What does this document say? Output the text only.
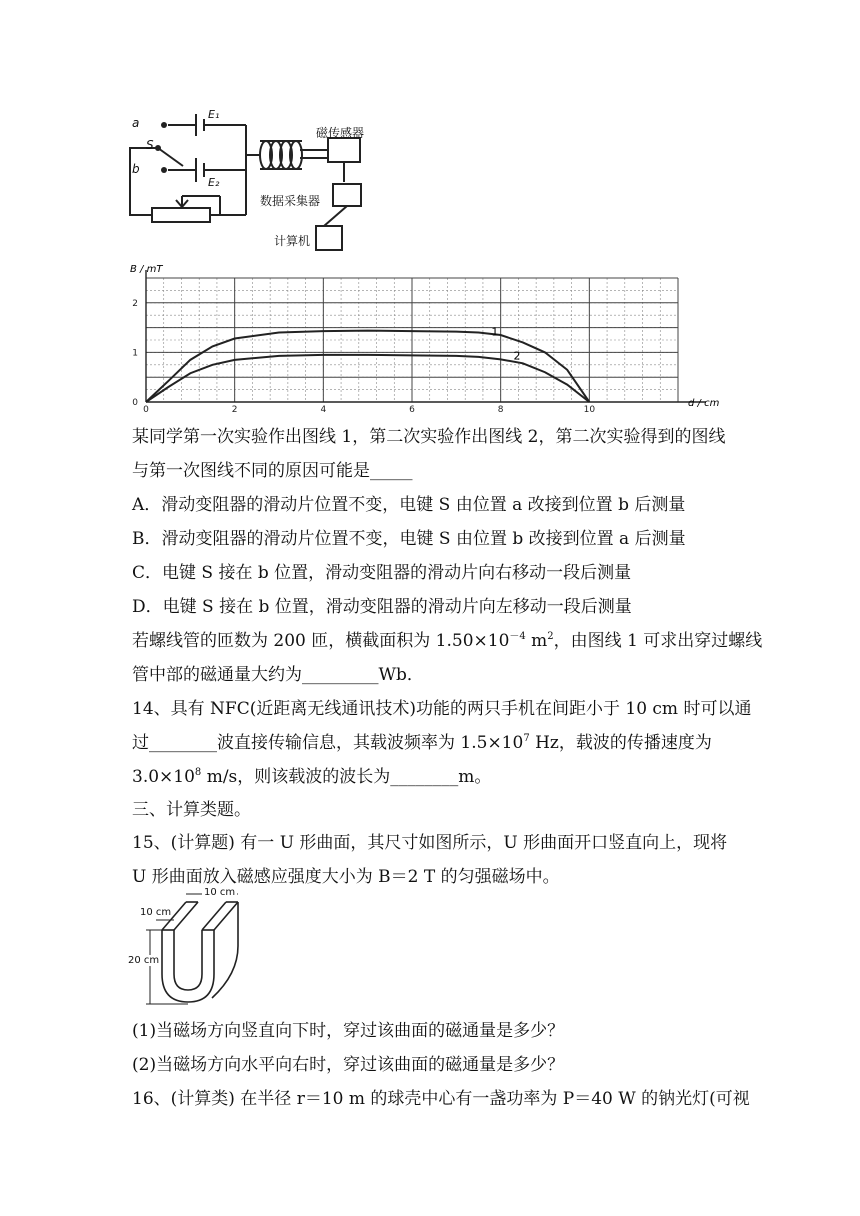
a
S
b
E₁
E₂
磁传感器
数据采集器
计算机
B / mT
d / cm
0	2	4	6	8	10
0
1
2
1
2
某同学第一次实验作出图线 1，第二次实验作出图线 2，第二次实验得到的图线
与第一次图线不同的原因可能是_____
A．滑动变阻器的滑动片位置不变，电键 S 由位置 a 改接到位置 b 后测量
B．滑动变阻器的滑动片位置不变，电键 S 由位置 b 改接到位置 a 后测量
C．电键 S 接在 b 位置，滑动变阻器的滑动片向右移动一段后测量
D．电键 S 接在 b 位置，滑动变阻器的滑动片向左移动一段后测量
若螺线管的匝数为 200 匝，横截面积为 $1.50\times 10^{-4}$ $m^2$，由图线 1 可求出穿过螺线
管中部的磁通量大约为_________Wb．
14、具有 NFC(近距离无线通讯技术)功能的两只手机在间距小于 10 cm 时可以通
过________波直接传输信息，其载波频率为 $1.5\times 10^7$ Hz，载波的传播速度为
$3.0\times 10^8$ m/s，则该载波的波长为________m。
三、计算类题。
15、(计算题) 有一 U 形曲面，其尺寸如图所示，U 形曲面开口竖直向上，现将
U 形曲面放入磁感应强度大小为 B＝2 T 的匀强磁场中。
10 cm
10 cm
20 cm
(1)当磁场方向竖直向下时，穿过该曲面的磁通量是多少？
(2)当磁场方向水平向右时，穿过该曲面的磁通量是多少？
16、(计算类) 在半径 r＝10 m 的球壳中心有一盏功率为 P＝40 W 的钠光灯(可视
